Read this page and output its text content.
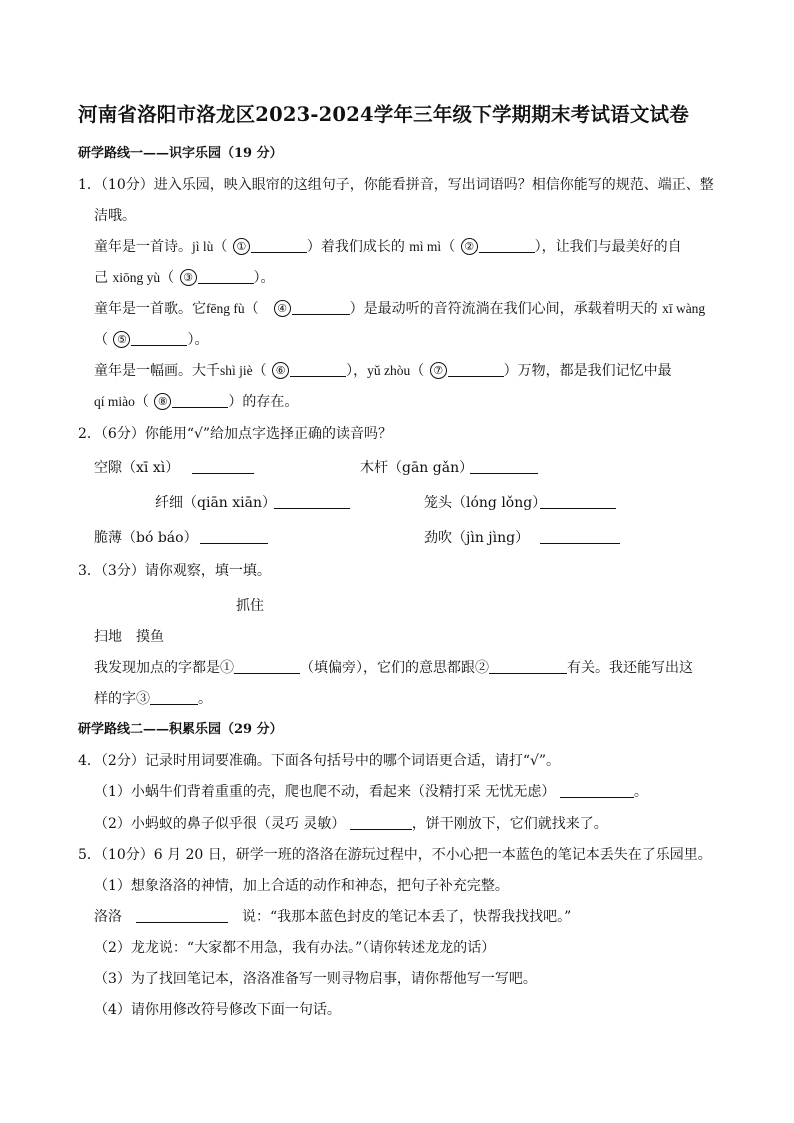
河南省洛阳市洛龙区2023-2024学年三年级下学期期末考试语文试卷
研学路线一——识字乐园（19 分）
1．（10分）进入乐园，映入眼帘的这组句子，你能看拼音，写出词语吗？相信你能写的规范、端正、整
洁哦。
童年是一首诗。jì lù（ ①	）着我们成长的 mì mì（ ②	），让我们与最美好的自
己 xiōng yù（ ③	）。
童年是一首歌。它fēng fù（　④	）是最动听的音符流淌在我们心间，承载着明天的 xī wàng
（ ⑤	）。
童年是一幅画。大千shì jiè（ ⑥	），yǔ zhòu（ ⑦	）万物，都是我们记忆中最
qí miào（ ⑧	）的存在。
2．（6分）你能用“√”给加点字选择正确的读音吗？
空隙（xī xì）	木杆（gān gǎn）
纤细（qiān xiān）	笼头（lóng lǒng）
脆薄（bó báo）	劲吹（jìn jìng）
3．（3分）请你观察，填一填。
抓住
扫地 摸鱼
我发现加点的字都是①	（填偏旁），它们的意思都跟②	有关。我还能写出这
样的字③	。
研学路线二——积累乐园（29 分）
4．（2分）记录时用词要准确。下面各句括号中的哪个词语更合适，请打“√”。
（1）小蜗牛们背着重重的壳，爬也爬不动，看起来（没精打采 无忧无虑）	。
（2）小蚂蚁的鼻子似乎很（灵巧 灵敏）	，饼干刚放下，它们就找来了。
5．（10分）6 月 20 日，研学一班的洛洛在游玩过程中，不小心把一本蓝色的笔记本丢失在了乐园里。
（1）想象洛洛的神情，加上合适的动作和神态，把句子补充完整。
洛洛　　	说：“我那本蓝色封皮的笔记本丢了，快帮我找找吧。”
（2）龙龙说：“大家都不用急，我有办法。”（请你转述龙龙的话）
（3）为了找回笔记本，洛洛准备写一则寻物启事，请你帮他写一写吧。
（4）请你用修改符号修改下面一句话。
